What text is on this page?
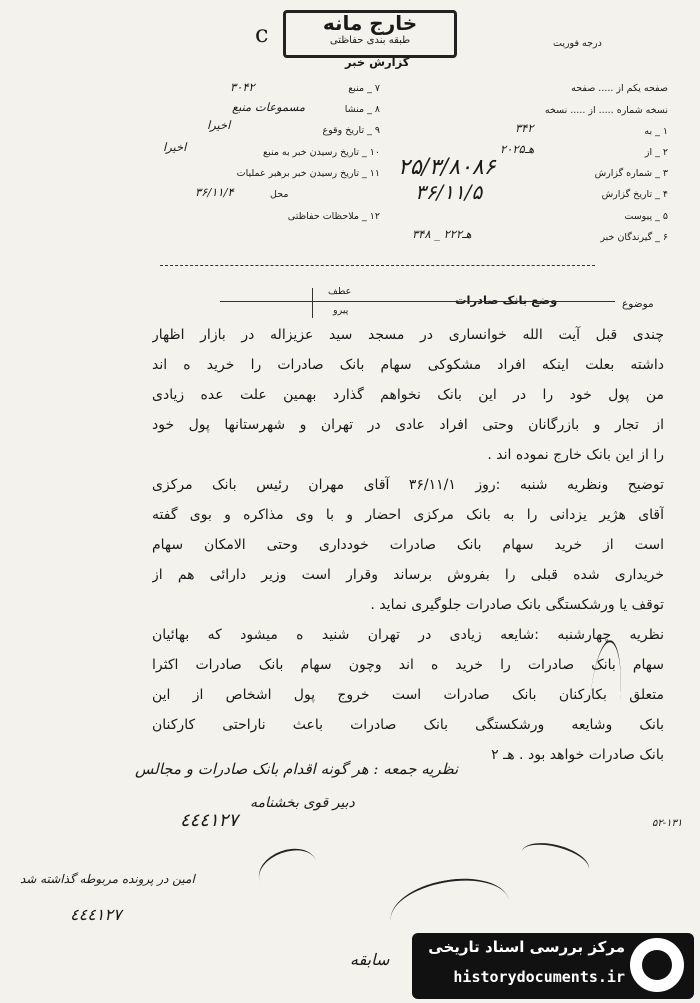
خارج مانه
طبقه بندی حفاظتی
c
گزارش خبر
درجه فوریت
صفحه یکم از ..... صفحه
نسخه شماره ..... از ..... نسخه
۱ _ به
۳۴۲
۲ _ از
۲۰هـ۲۵
۳ _ شماره گزارش
۲۵/۳/۸۰۸۶
۴ _ تاریخ گزارش
۳۶/۱۱/۵
۵ _ پیوست
۶ _ گیرندگان خبر
۳۴۸ _ ۲۲هـ۲
۷ _ منبع
۳۰۴۲
۸ _ منشا
مسموعات منبع
۹ _ تاریخ وقوع
اخیرا
۱۰ _ تاریخ رسیدن خبر به منبع
اخیرا
۱۱ _ تاریخ رسیدن خبر برهبر عملیات
محل
۳۶/۱۱/۴
۱۲ _ ملاحظات حفاظتی
موضوع
وضع بانک صادرات
عطف
پیرو
چندی قبل آیت الله خوانساری در مسجد سید عزیزاله در بازار اظهار
داشته بعلت اینکه افراد مشکوکی سهام بانک صادرات را خرید ه اند
من پول خود را در این بانک نخواهم گذارد بهمین علت عده زیادی
از تجار و بازرگانان وحتی افراد عادی در تهران و شهرستانها پول خود
را از این بانک خارج نموده اند .
توضیح ونظریه شنبه :روز ۳۶/۱۱/۱ آقای مهران رئیس بانک مرکزی
آقای هژیر یزدانی را به بانک مرکزی احضار و با وی مذاکره و بوی گفته
است از خرید سهام بانک صادرات خودداری وحتی الامکان سهام
خریداری شده قبلی را بفروش برساند وقرار است وزیر دارائی هم از
توقف یا ورشکستگی بانک صادرات جلوگیری نماید .
نظریه چهارشنبه :شایعه زیادی در تهران شنید ه میشود که بهائیان
سهام بانک صادرات را خرید ه اند وچون سهام بانک صادرات اکثرا
متعلق بکارکنان بانک صادرات است خروج پول اشخاص از این
بانک وشایعه ورشکستگی بانک صادرات باعث ناراحتی کارکنان
بانک صادرات خواهد بود . هـ ۲
نظریه جمعه : هر گونه اقدام بانک صادرات و مجالس
دبیر قوی بخشنامه
٤٤٤١٢٧
٤٤٤١٢٧
۵۲-۱۳۱
امین در پرونده مربوطه گذاشته شد
سابقه
مرکز بررسی اسناد تاریخی
historydocuments.ir
